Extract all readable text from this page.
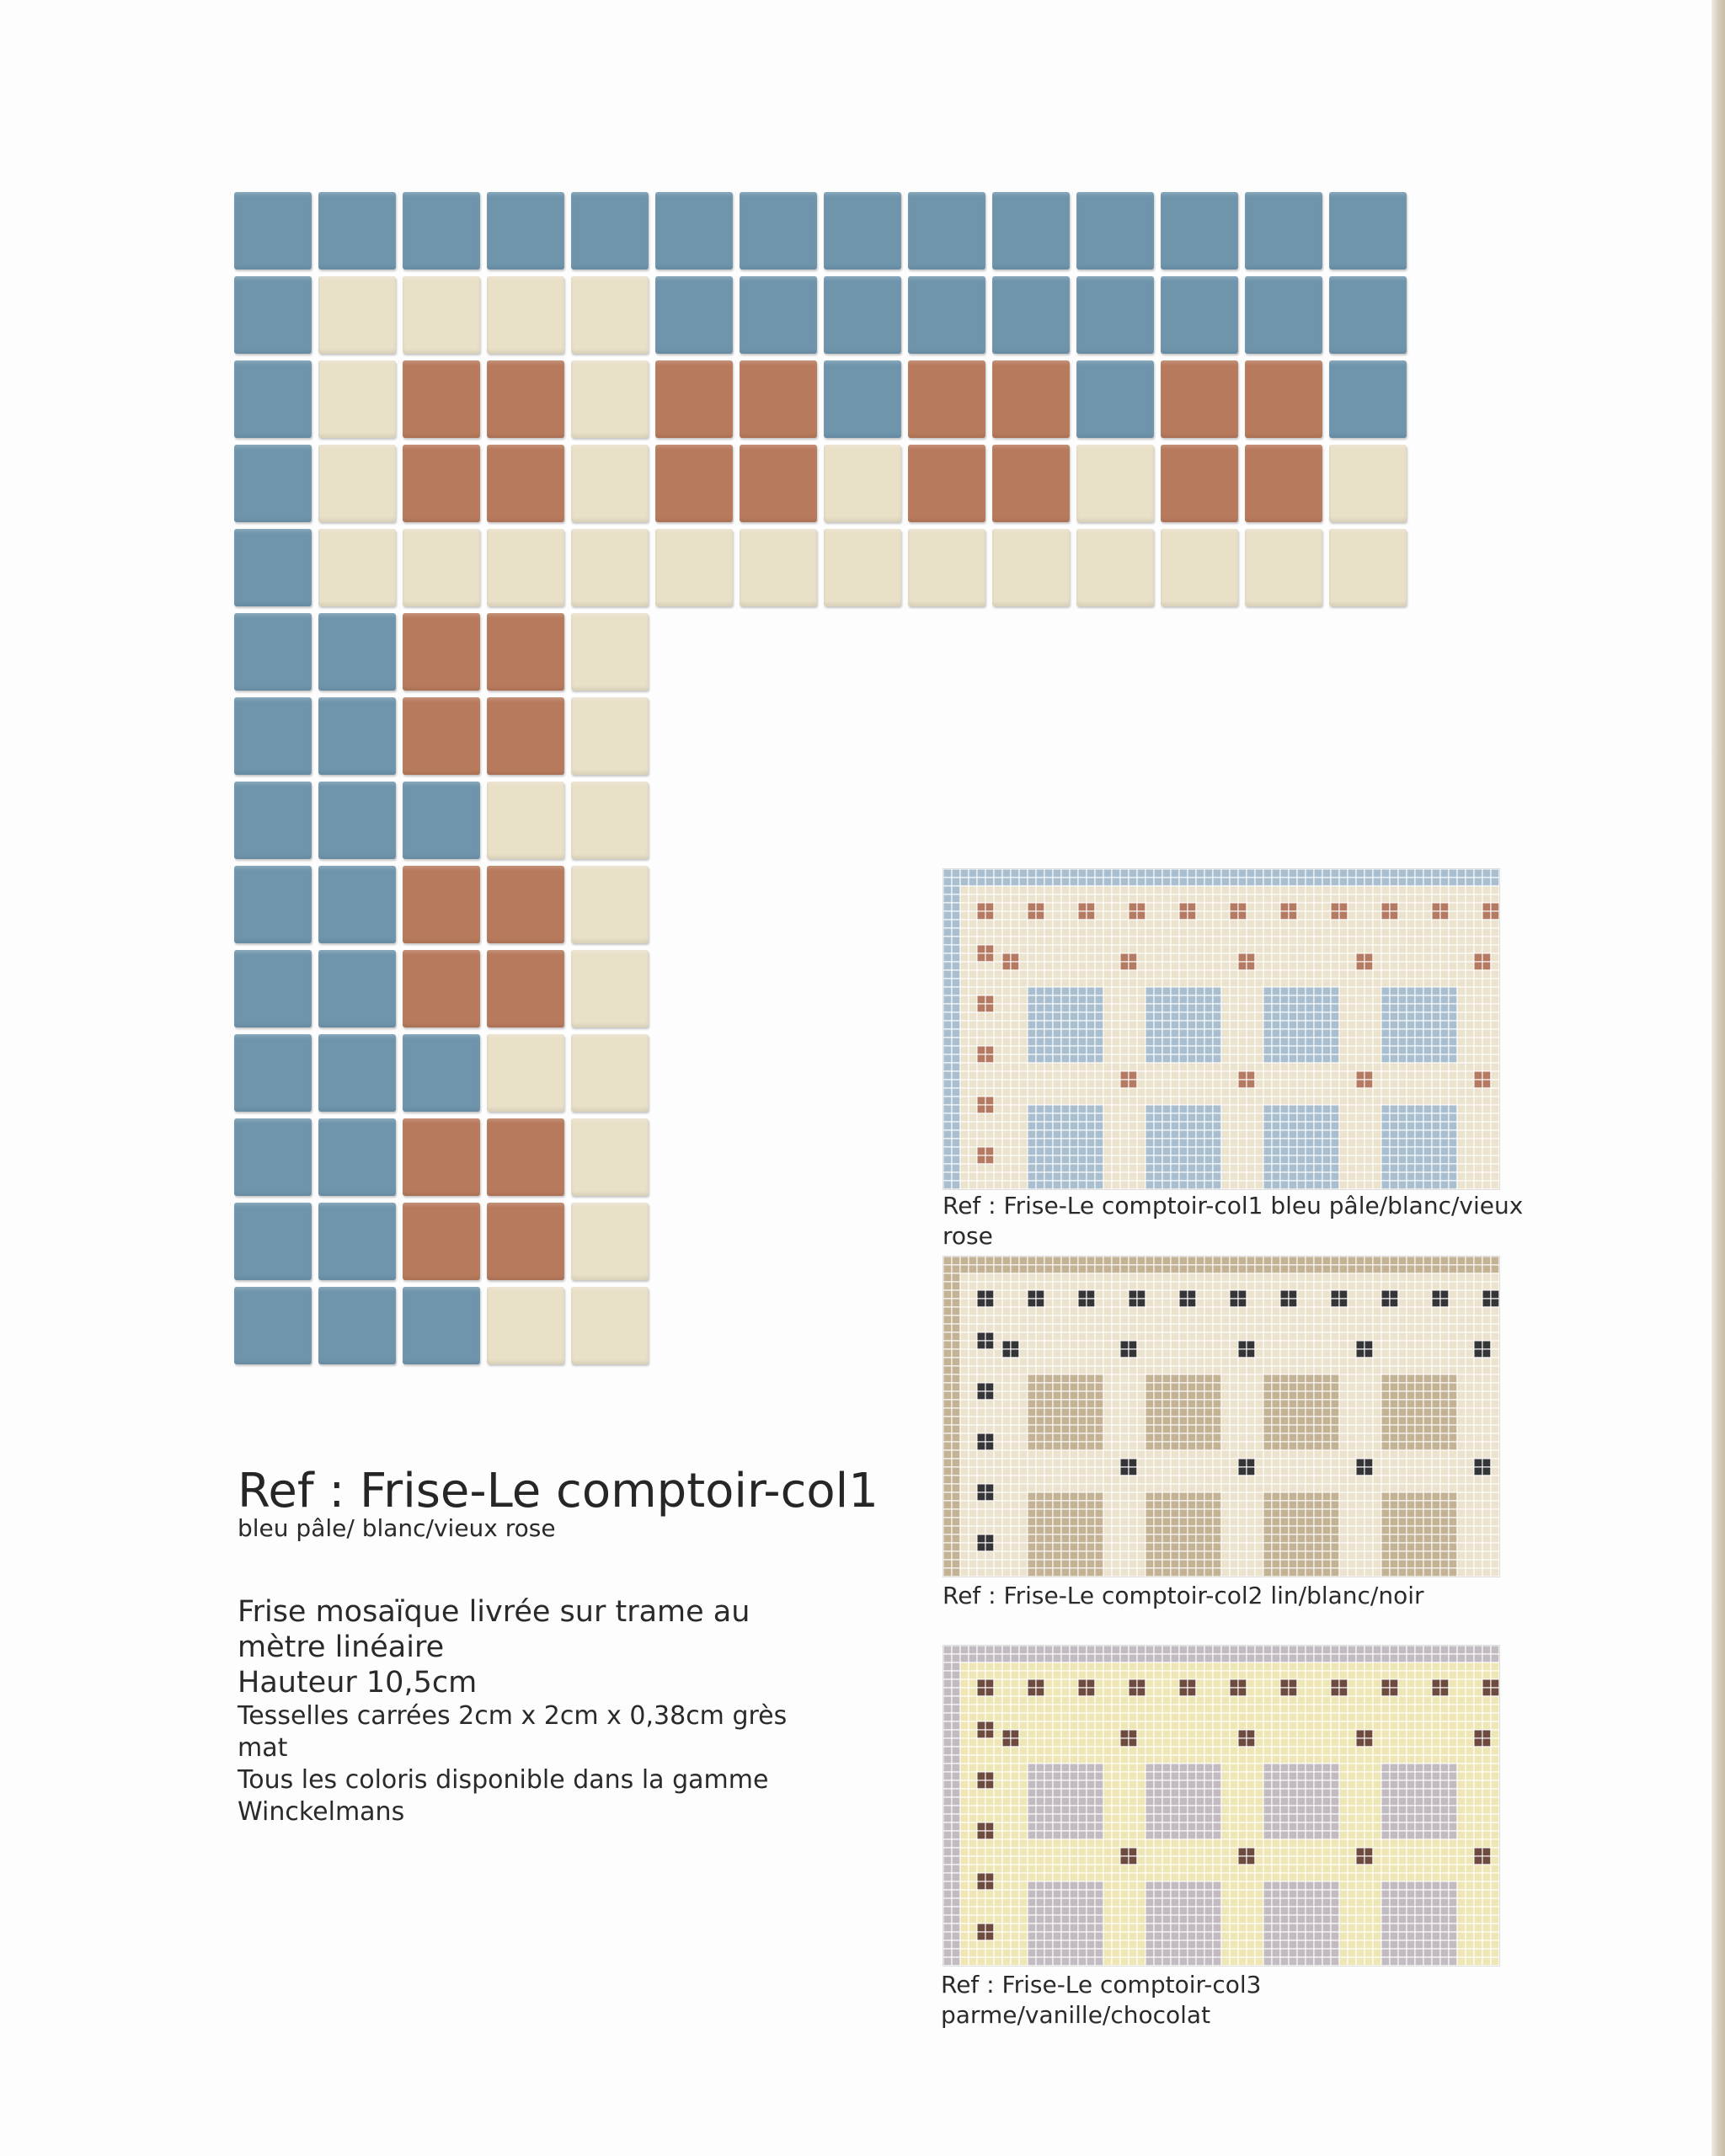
Ref : Frise-Le comptoir-col1 bleu pâle/blanc/vieux rose
Ref : Frise-Le comptoir-col2 lin/blanc/noir
Ref : Frise-Le comptoir-col3 parme/vanille/chocolat
Ref : Frise-Le comptoir-col1
bleu pâle/ blanc/vieux rose

Frise mosaïque livrée sur trame au

mètre linéaire

Hauteur 10,5cm

Tesselles carrées 2cm x 2cm x 0,38cm grès

mat

Tous les coloris disponible dans la gamme

Winckelmans
